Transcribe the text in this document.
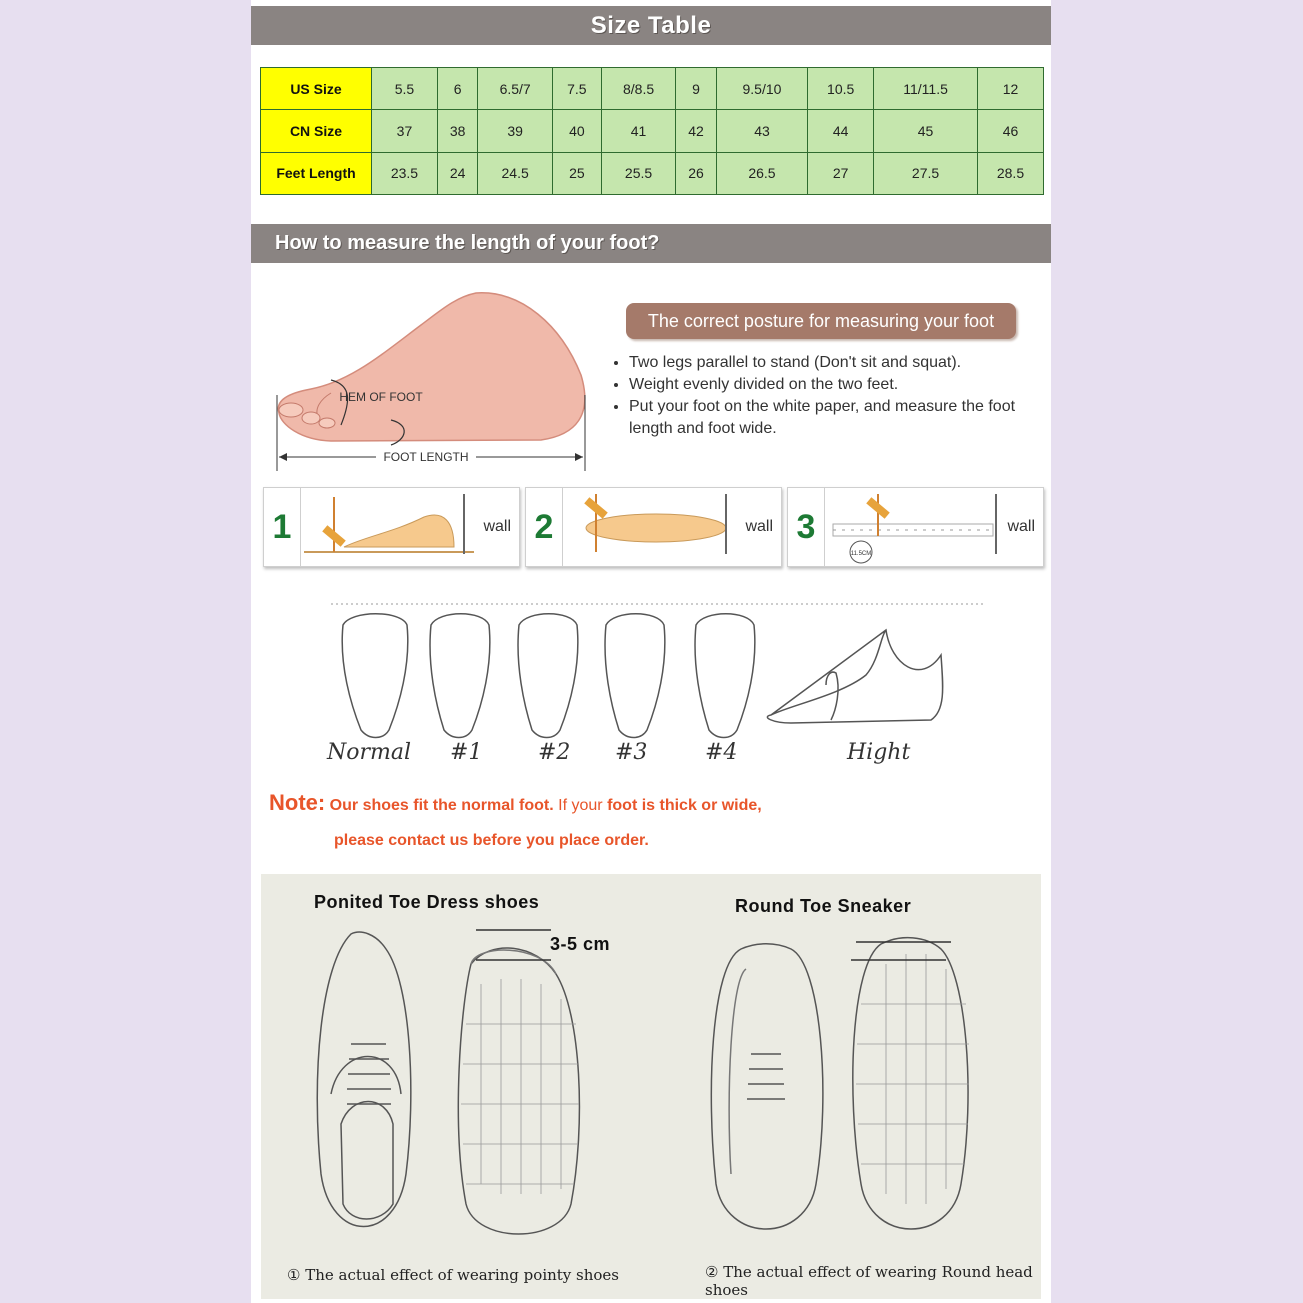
Size Table
US Size	5.5	6	6.5/7	7.5	8/8.5	9	9.5/10	10.5	11/11.5	12
CN Size	37	38	39	40	41	42	43	44	45	46
Feet Length	23.5	24	24.5	25	25.5	26	26.5	27	27.5	28.5
How to measure the length of your foot?
FOOT LENGTH
HEM OF FOOT
The correct posture for measuring your foot
• Two legs parallel to stand (Don't sit and squat).
• Weight evenly divided on the two feet.
• Put your foot on the white paper, and measure the foot length and foot wide.
1	wall 2	wall 3
11.5CM
wall
Normal #1	#2 #3	#4	Hight
Note: Our shoes fit the normal foot. If your foot is thick or wide,
please contact us before you place order.
Ponited Toe Dress shoes	Round Toe Sneaker
3-5 cm
① The actual effect of wearing pointy shoes	② The actual effect of wearing Round head shoes
